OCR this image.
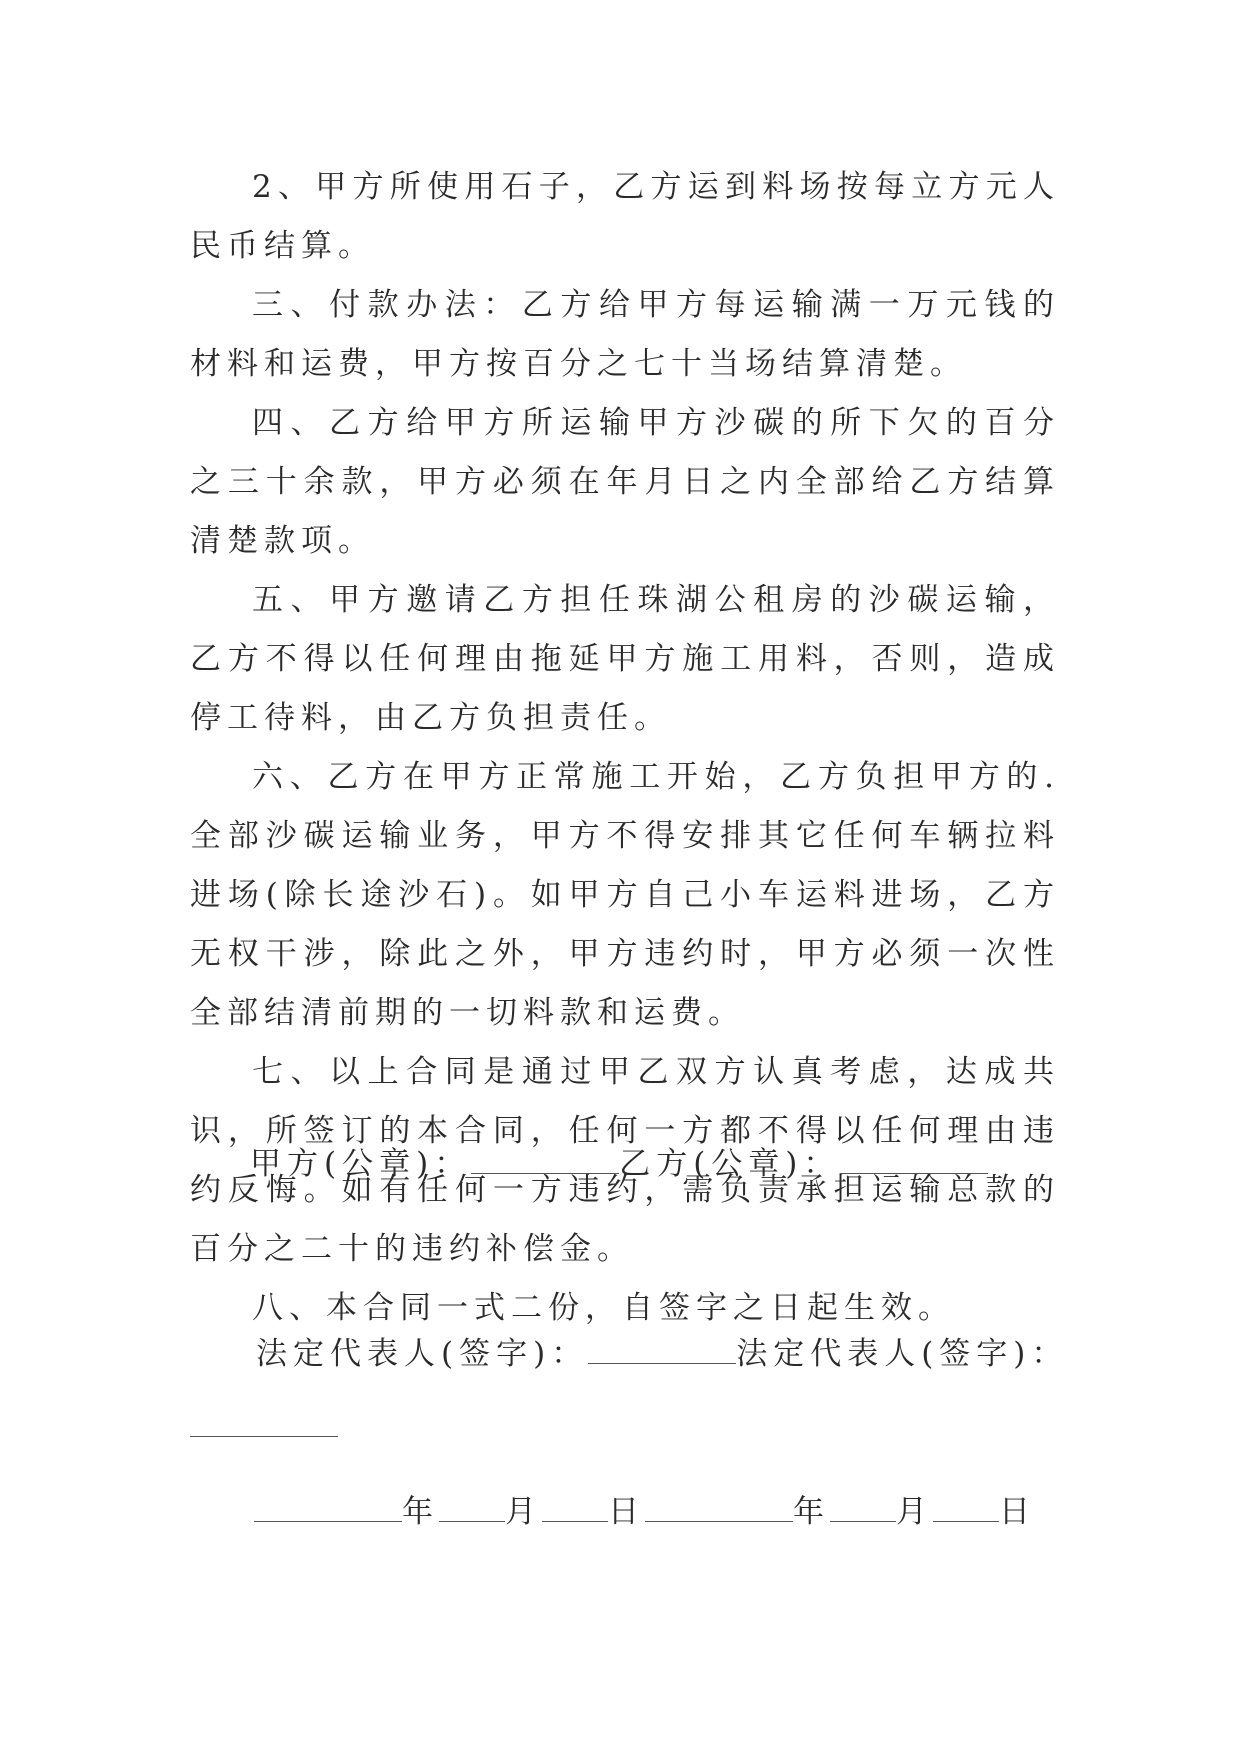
2、甲方所使用石子，乙方运到料场按每立方元人民币结算。

三、付款办法：乙方给甲方每运输满一万元钱的材料和运费，甲方按百分之七十当场结算清楚。

四、乙方给甲方所运输甲方沙碳的所下欠的百分之三十余款，甲方必须在年月日之内全部给乙方结算清楚款项。

五、甲方邀请乙方担任珠湖公租房的沙碳运输，乙方不得以任何理由拖延甲方施工用料，否则，造成停工待料，由乙方负担责任。

六、乙方在甲方正常施工开始，乙方负担甲方的.全部沙碳运输业务，甲方不得安排其它任何车辆拉料进场(除长途沙石)。如甲方自己小车运料进场，乙方无权干涉，除此之外，甲方违约时，甲方必须一次性全部结清前期的一切料款和运费。

七、以上合同是通过甲乙双方认真考虑，达成共识，所签订的本合同，任何一方都不得以任何理由违约反悔。如有任何一方违约，需负责承担运输总款的百分之二十的违约补偿金。

八、本合同一式二份，自签字之日起生效。

甲方(公章)：	乙方(公章)：
法定代表人(签字)：	法定代表人(签字)：
年 月 日	年 月 日
